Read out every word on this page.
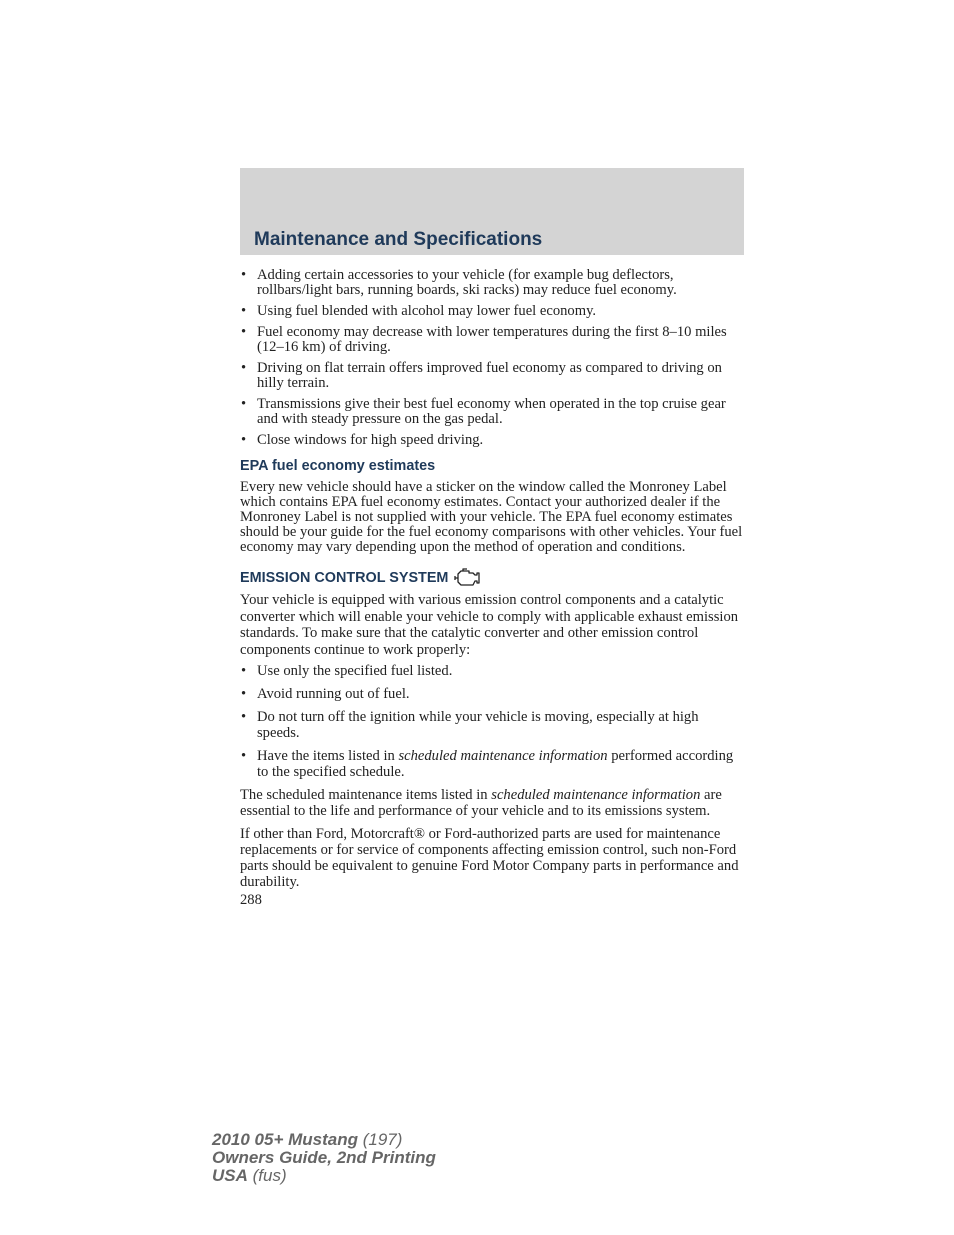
Maintenance and Specifications
• Adding certain accessories to your vehicle (for example bug deflectors, rollbars/light bars, running boards, ski racks) may reduce fuel economy.
• Using fuel blended with alcohol may lower fuel economy.
• Fuel economy may decrease with lower temperatures during the first 8–10 miles (12–16 km) of driving.
• Driving on flat terrain offers improved fuel economy as compared to driving on hilly terrain.
• Transmissions give their best fuel economy when operated in the top cruise gear and with steady pressure on the gas pedal.
• Close windows for high speed driving.
EPA fuel economy estimates

Every new vehicle should have a sticker on the window called the Monroney Label which contains EPA fuel economy estimates. Contact your authorized dealer if the Monroney Label is not supplied with your vehicle. The EPA fuel economy estimates should be your guide for the fuel economy comparisons with other vehicles. Your fuel economy may vary depending upon the method of operation and conditions.

EMISSION CONTROL SYSTEM

Your vehicle is equipped with various emission control components and a catalytic converter which will enable your vehicle to comply with applicable exhaust emission standards. To make sure that the catalytic converter and other emission control components continue to work properly:

• Use only the specified fuel listed.
• Avoid running out of fuel.
• Do not turn off the ignition while your vehicle is moving, especially at high speeds.
• Have the items listed in scheduled maintenance information performed according to the specified schedule.

The scheduled maintenance items listed in scheduled maintenance information are essential to the life and performance of your vehicle and to its emissions system.

If other than Ford, Motorcraft® or Ford-authorized parts are used for maintenance replacements or for service of components affecting emission control, such non-Ford parts should be equivalent to genuine Ford Motor Company parts in performance and durability.

288
2010 05+ Mustang (197)
Owners Guide, 2nd Printing
USA (fus)
